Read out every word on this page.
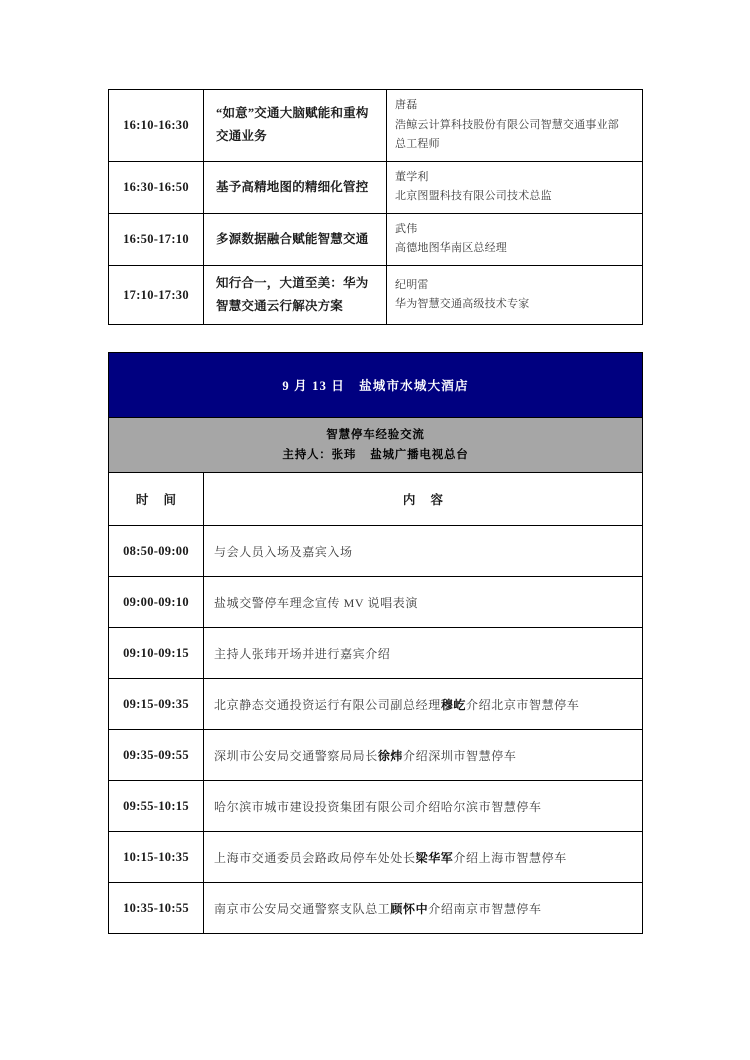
16:10-16:30	“如意”交通大脑赋能和重构交通业务	唐磊
浩鲸云计算科技股份有限公司智慧交通事业部
总工程师

16:30-16:50	基予高精地图的精细化管控	董学利
北京图盟科技有限公司技术总监

16:50-17:10	多源数据融合赋能智慧交通	武伟
高德地图华南区总经理

17:10-17:30	知行合一，大道至美：华为智慧交通云行解决方案	纪明雷
华为智慧交通高级技术专家
9 月 13 日 盐城市水城大酒店	

智慧停车经验交流
主持人：张玮 盐城广播电视总台	

时 间	内 容
08:50-09:00	与会人员入场及嘉宾入场
09:00-09:10	盐城交警停车理念宣传 MV 说唱表演
09:10-09:15	主持人张玮开场并进行嘉宾介绍
09:15-09:35	北京静态交通投资运行有限公司副总经理穆屹介绍北京市智慧停车
09:35-09:55	深圳市公安局交通警察局局长徐炜介绍深圳市智慧停车
09:55-10:15	哈尔滨市城市建设投资集团有限公司介绍哈尔滨市智慧停车
10:15-10:35	上海市交通委员会路政局停车处处长梁华军介绍上海市智慧停车
10:35-10:55	南京市公安局交通警察支队总工顾怀中介绍南京市智慧停车
